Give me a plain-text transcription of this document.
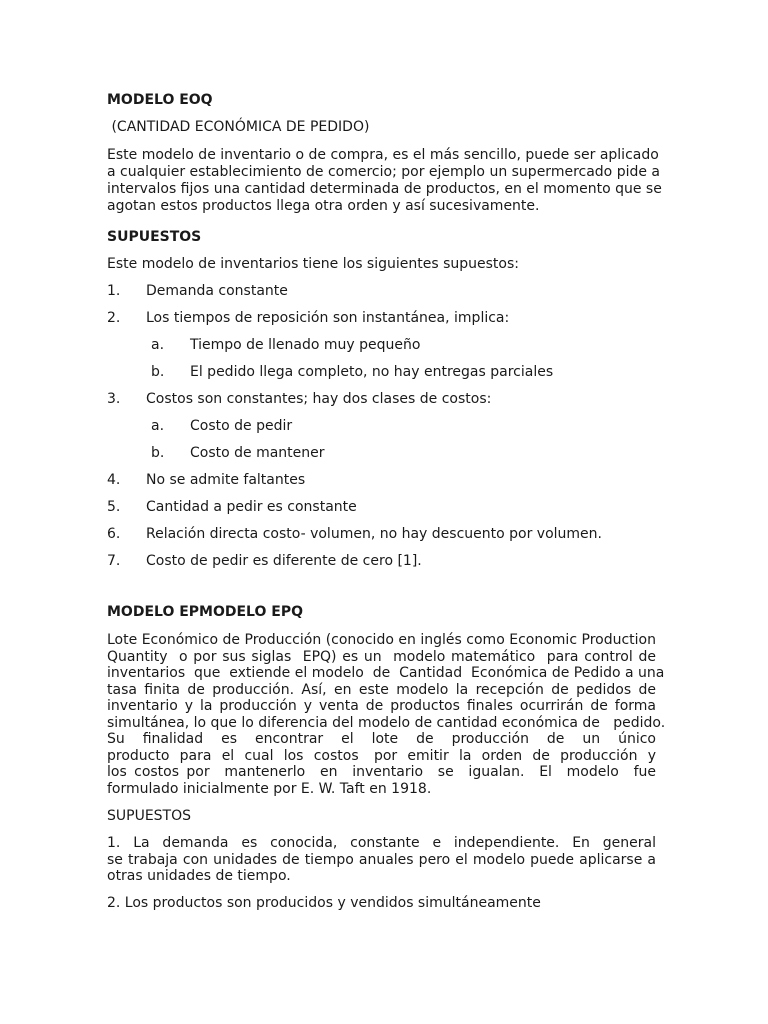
MODELO EOQ

(CANTIDAD ECONÓMICA DE PEDIDO)

Este modelo de inventario o de compra, es el más sencillo, puede ser aplicado

a cualquier establecimiento de comercio; por ejemplo un supermercado pide a

intervalos fijos una cantidad determinada de productos, en el momento que se

agotan estos productos llega otra orden y así sucesivamente.

SUPUESTOS

Este modelo de inventarios tiene los siguientes supuestos:

1. Demanda constante
2. Los tiempos de reposición son instantánea, implica:
a. Tiempo de llenado muy pequeño
b. El pedido llega completo, no hay entregas parciales
3. Costos son constantes; hay dos clases de costos:
a. Costo de pedir
b. Costo de mantener
4. No se admite faltantes
5. Cantidad a pedir es constante
6. Relación directa costo- volumen, no hay descuento por volumen.
7. Costo de pedir es diferente de cero [1].

MODELO EPMODELO EPQ

Lote Económico de Producción (conocido en inglés como Economic Production
Quantity  o por sus siglas  EPQ) es un  modelo matemático  para control de
inventarios  que  extiende el modelo  de  Cantidad  Económica de Pedido a una
tasa finita de producción. Así, en este modelo la recepción de pedidos de
inventario y la producción y venta de productos finales ocurrirán de forma
simultánea, lo que lo diferencia del modelo de cantidad económica de   pedido.
Su  finalidad  es  encontrar  el  lote  de  producción  de  un  único
producto  para  el  cual  los  costos   por  emitir  la  orden  de  producción  y
los costos por  mantenerlo  en  inventario  se  igualan.  El  modelo  fue
formulado inicialmente por E. W. Taft en 1918.

SUPUESTOS

1.  La  demanda  es  conocida,  constante  e  independiente.  En  general
se trabaja con unidades de tiempo anuales pero el modelo puede aplicarse a
otras unidades de tiempo.

2. Los productos son producidos y vendidos simultáneamente
